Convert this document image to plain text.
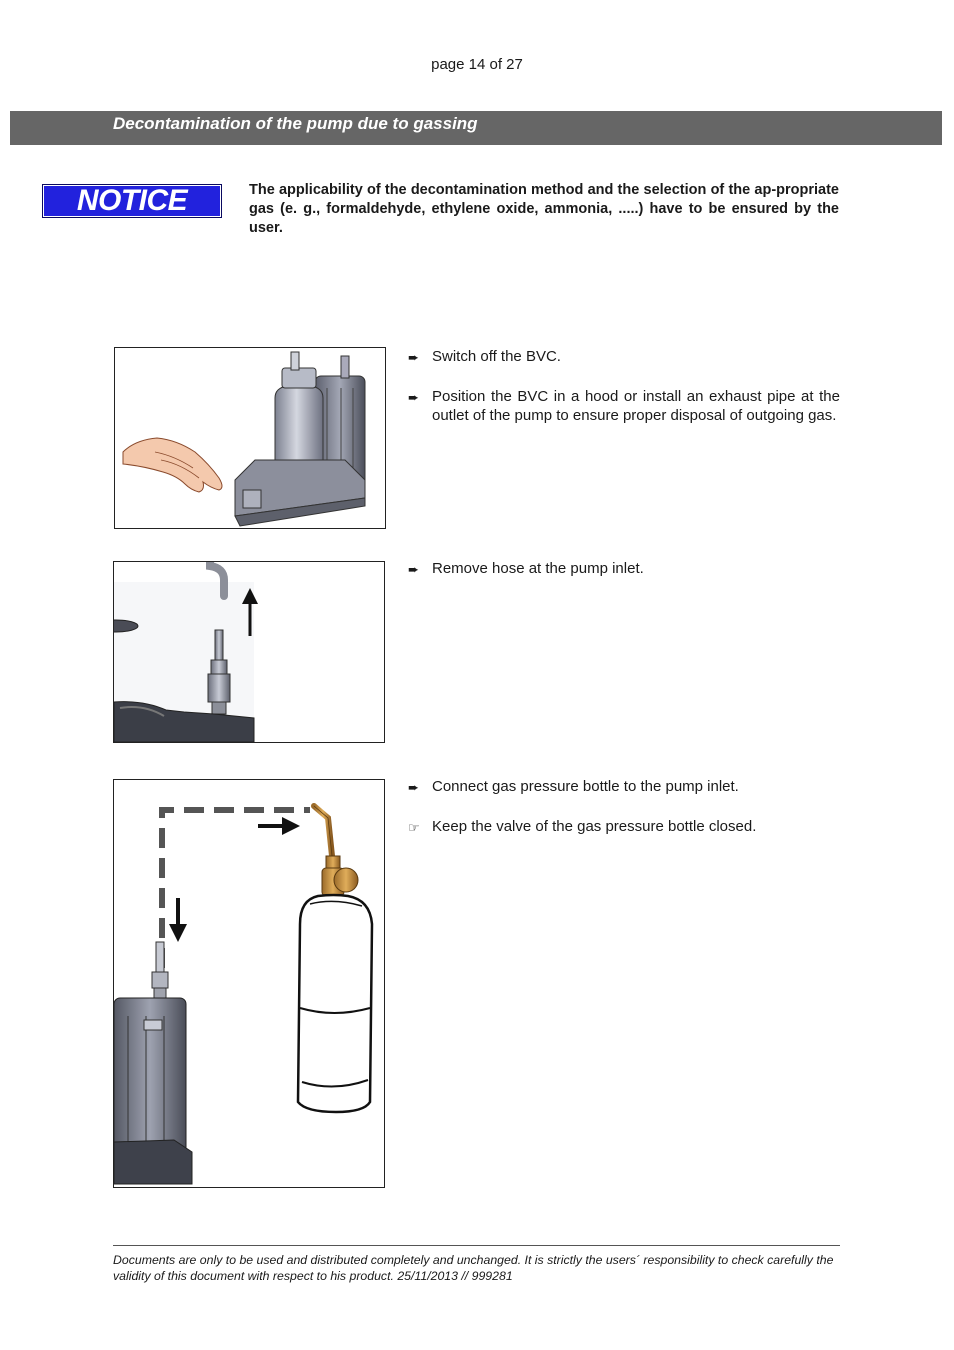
page 14 of 27
Decontamination of the pump due to gassing
NOTICE	The applicability of the decontamination method and the selection of the ap-propriate gas (e. g., formaldehyde, ethylene oxide, ammonia, .....) have to be ensured by the user.
➨ Switch off the BVC.
➨ Position the BVC in a hood or install an exhaust pipe at the outlet of the pump to ensure proper disposal of outgoing gas.
➨ Remove hose at the pump inlet.
➨ Connect gas pressure bottle to the pump inlet.
☞ Keep the valve of the gas pressure bottle closed.
Documents are only to be used and distributed completely and unchanged. It is strictly the users´ responsibility to check carefully the validity of this document with respect to his product. 25/11/2013 // 999281
